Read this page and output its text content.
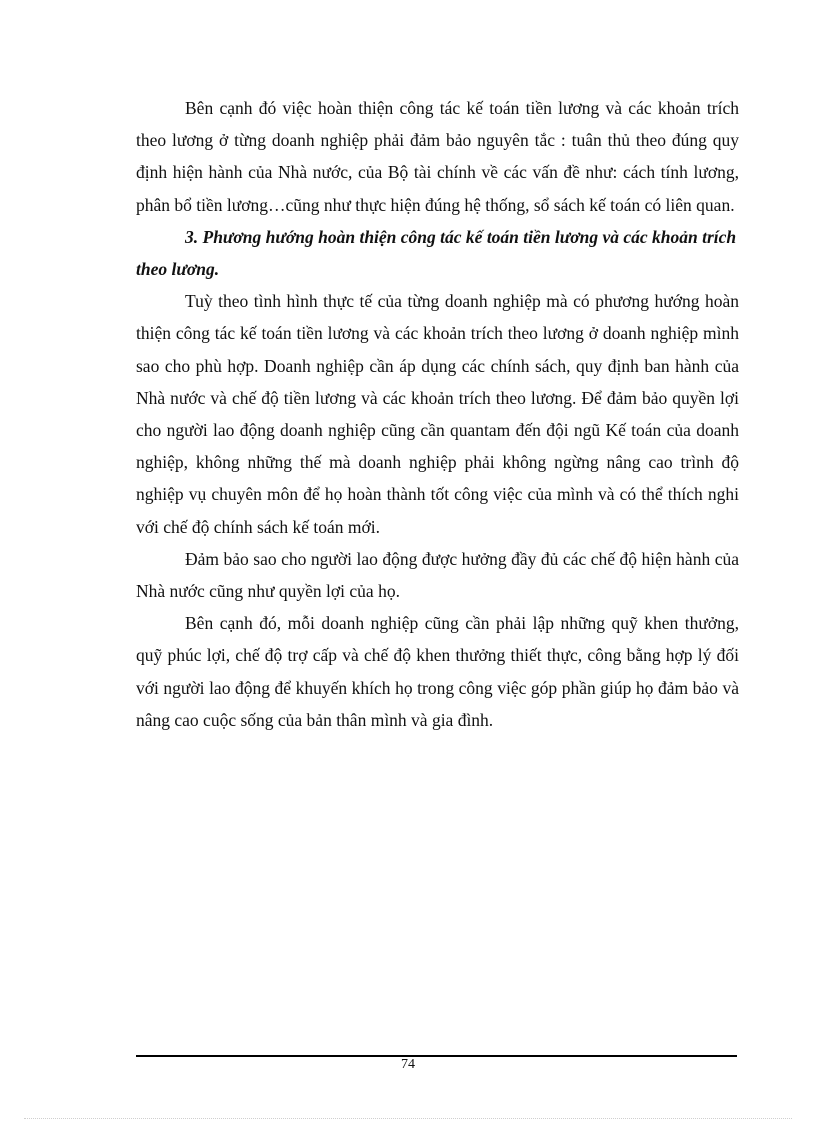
Bên cạnh đó việc hoàn thiện công tác kế toán tiền lương và các khoản trích theo lương ở từng doanh nghiệp phải đảm bảo nguyên tắc : tuân thủ theo đúng quy định hiện hành của Nhà nước, của Bộ tài chính về các vấn đề như: cách tính lương, phân bổ tiền lương…cũng như thực hiện đúng hệ thống, sổ sách kế toán có liên quan.

3. Phương hướng hoàn thiện công tác kế toán tiền lương và các khoản trích theo lương.

Tuỳ theo tình hình thực tế của từng doanh nghiệp mà có phương hướng hoàn thiện công tác kế toán tiền lương và các khoản trích theo lương ở doanh nghiệp mình sao cho phù hợp. Doanh nghiệp cần áp dụng các chính sách, quy định ban hành của Nhà nước và chế độ tiền lương và các khoản trích theo lương. Để đảm bảo quyền lợi cho người lao động doanh nghiệp cũng cần quantam đến đội ngũ Kế toán của doanh nghiệp, không những thế mà doanh nghiệp phải không ngừng nâng cao trình độ nghiệp vụ chuyên môn để họ hoàn thành tốt công việc của mình và có thể thích nghi với chế độ chính sách kế toán mới.

Đảm bảo sao cho người lao động được hưởng đầy đủ các chế độ hiện hành của Nhà nước cũng như quyền lợi của họ.

Bên cạnh đó, mỗi doanh nghiệp cũng cần phải lập những quỹ khen thưởng, quỹ phúc lợi, chế độ trợ cấp và chế độ khen thưởng thiết thực, công bằng hợp lý đối với người lao động để khuyến khích họ trong công việc góp phần giúp họ đảm bảo và nâng cao cuộc sống của bản thân mình và gia đình.

74
